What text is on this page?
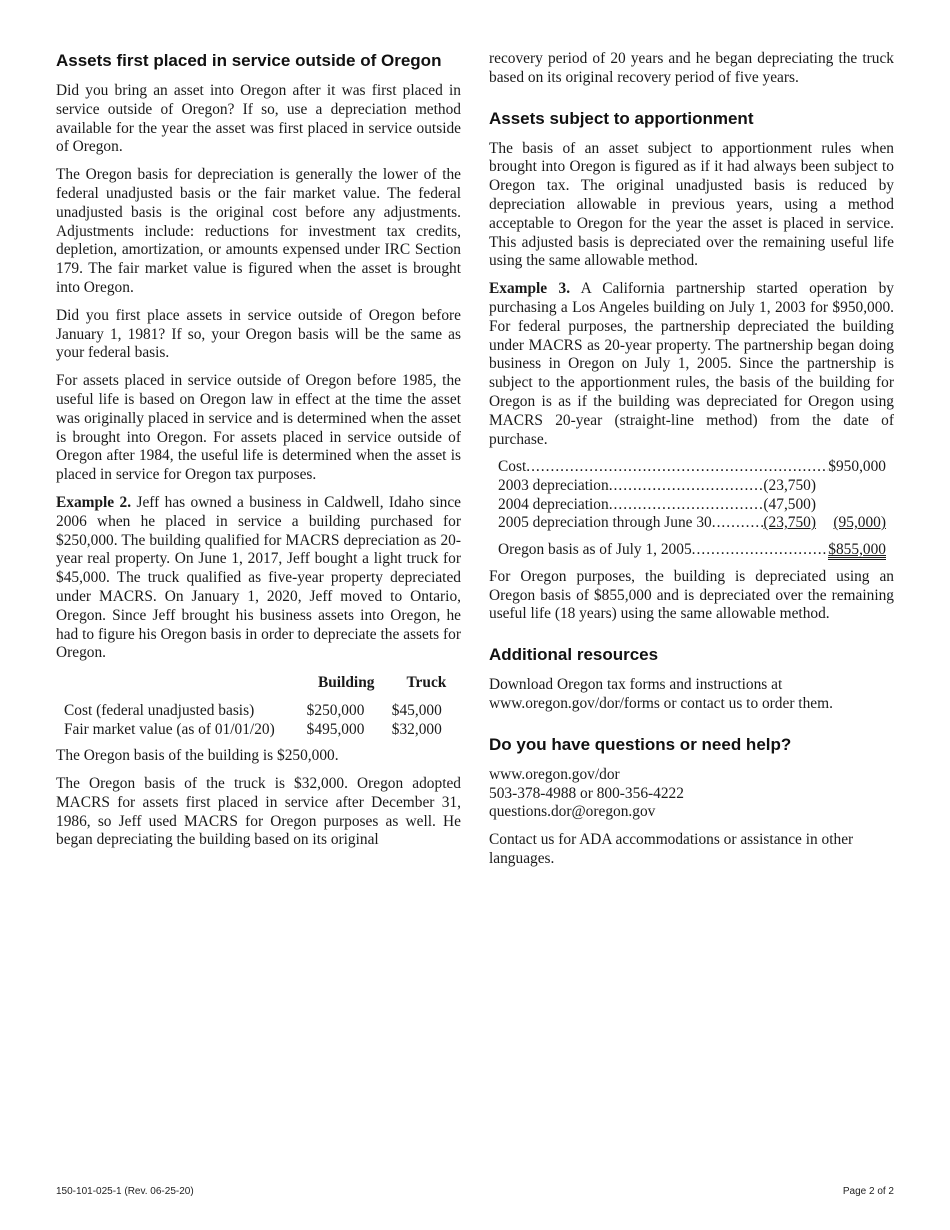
Assets first placed in service outside of Oregon

Did you bring an asset into Oregon after it was first placed in service outside of Oregon? If so, use a depreciation method available for the year the asset was first placed in service outside of Oregon.

The Oregon basis for depreciation is generally the lower of the federal unadjusted basis or the fair market value. The federal unadjusted basis is the original cost before any adjustments. Adjustments include: reductions for investment tax credits, depletion, amortization, or amounts expensed under IRC Section 179. The fair market value is figured when the asset is brought into Oregon.

Did you first place assets in service outside of Oregon before January 1, 1981? If so, your Oregon basis will be the same as your federal basis.

For assets placed in service outside of Oregon before 1985, the useful life is based on Oregon law in effect at the time the asset was originally placed in service and is determined when the asset is brought into Oregon. For assets placed in service outside of Oregon after 1984, the useful life is determined when the asset is placed in service for Oregon tax purposes.

Example 2. Jeff has owned a business in Caldwell, Idaho since 2006 when he placed in service a building purchased for $250,000. The building qualified for MACRS depreciation as 20-year real property. On June 1, 2017, Jeff bought a light truck for $45,000. The truck qualified as five-year property depreciated under MACRS. On January 1, 2020, Jeff moved to Ontario, Oregon. Since Jeff brought his business assets into Oregon, he had to figure his Oregon basis in order to depreciate the assets for Oregon.

	Building	Truck
Cost (federal unadjusted basis)	$250,000	$45,000
Fair market value (as of 01/01/20)	$495,000	$32,000

The Oregon basis of the building is $250,000.

The Oregon basis of the truck is $32,000. Oregon adopted MACRS for assets first placed in service after December 31, 1986, so Jeff used MACRS for Oregon purposes as well. He began depreciating the building based on its original

recovery period of 20 years and he began depreciating the truck based on its original recovery period of five years.

Assets subject to apportionment

The basis of an asset subject to apportionment rules when brought into Oregon is figured as if it had always been subject to Oregon tax. The original unadjusted basis is reduced by depreciation allowable in previous years, using a method acceptable to Oregon for the year the asset is placed in service. This adjusted basis is depreciated over the remaining useful life using the same allowable method.

Example 3. A California partnership started operation by purchasing a Los Angeles building on July 1, 2003 for $950,000. For federal purposes, the partnership depreciated the building under MACRS as 20-year property. The partnership began doing business in Oregon on July 1, 2005. Since the partnership is subject to the apportionment rules, the basis of the building for Oregon is as if the building was depreciated for Oregon using MACRS 20-year (straight-line method) from the date of purchase.

Cost .....	$950,000
2003 depreciation .....	(23,750)
2004 depreciation .....	(47,500)
2005 depreciation through June 30 .....	(23,750)	(95,000)
Oregon basis as of July 1, 2005 .....	$855,000

For Oregon purposes, the building is depreciated using an Oregon basis of $855,000 and is depreciated over the remaining useful life (18 years) using the same allowable method.

Additional resources

Download Oregon tax forms and instructions at www.oregon.gov/dor/forms or contact us to order them.

Do you have questions or need help?
www.oregon.gov/dor
503-378-4988 or 800-356-4222
questions.dor@oregon.gov

Contact us for ADA accommodations or assistance in other languages.

150-101-025-1 (Rev. 06-25-20)	Page 2 of 2
